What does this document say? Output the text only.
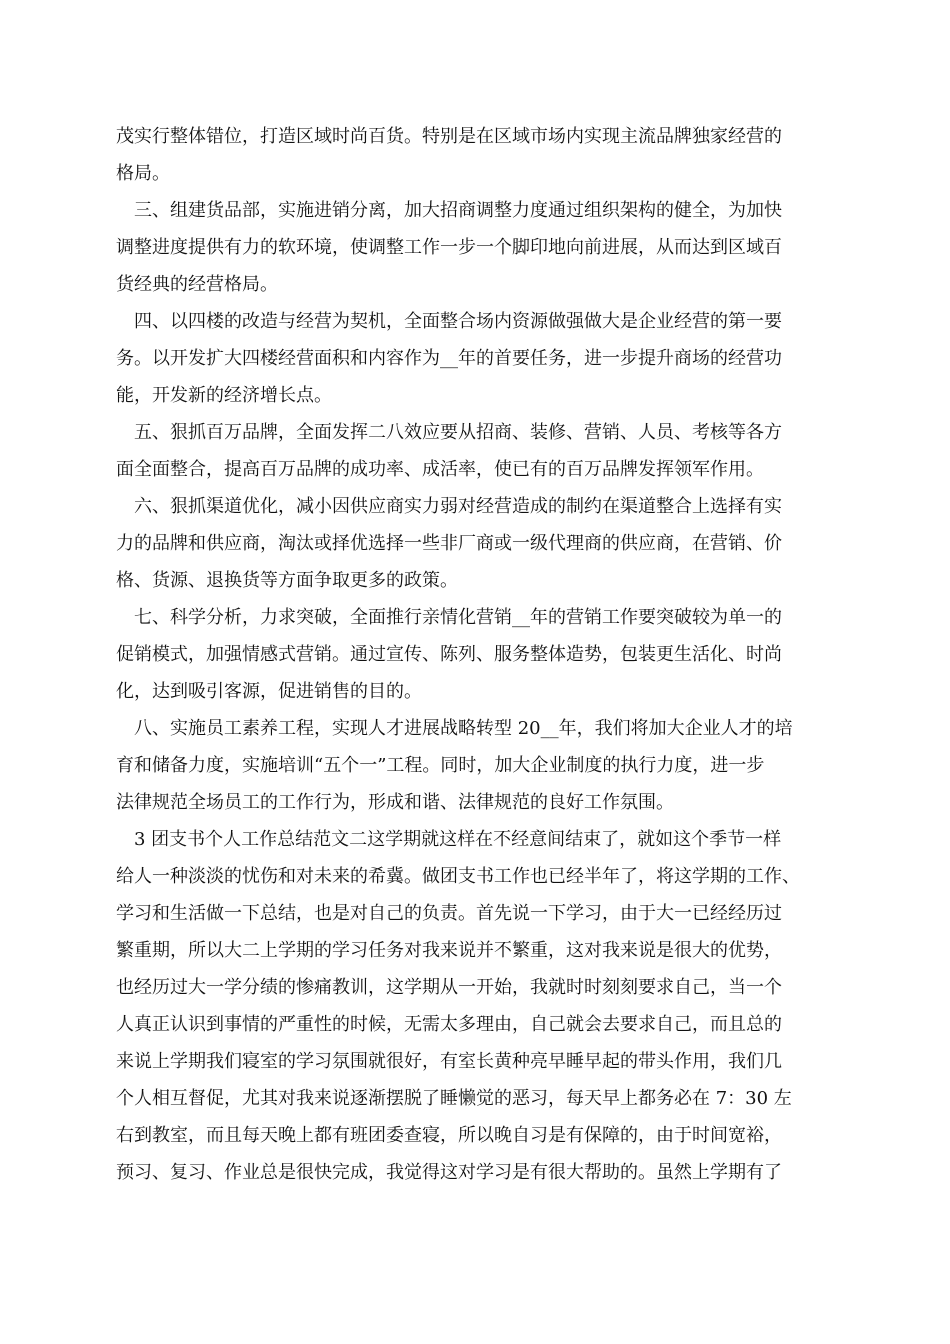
茂实行整体错位，打造区域时尚百货。特别是在区域市场内实现主流品牌独家经营的
格局。
　三、组建货品部，实施进销分离，加大招商调整力度通过组织架构的健全，为加快
调整进度提供有力的软环境，使调整工作一步一个脚印地向前进展，从而达到区域百
货经典的经营格局。
　四、以四楼的改造与经营为契机，全面整合场内资源做强做大是企业经营的第一要
务。以开发扩大四楼经营面积和内容作为__年的首要任务，进一步提升商场的经营功
能，开发新的经济增长点。
　五、狠抓百万品牌，全面发挥二八效应要从招商、装修、营销、人员、考核等各方
面全面整合，提高百万品牌的成功率、成活率，使已有的百万品牌发挥领军作用。
　六、狠抓渠道优化，减小因供应商实力弱对经营造成的制约在渠道整合上选择有实
力的品牌和供应商，淘汰或择优选择一些非厂商或一级代理商的供应商，在营销、价
格、货源、退换货等方面争取更多的政策。
　七、科学分析，力求突破，全面推行亲情化营销__年的营销工作要突破较为单一的
促销模式，加强情感式营销。通过宣传、陈列、服务整体造势，包装更生活化、时尚
化，达到吸引客源，促进销售的目的。
　八、实施员工素养工程，实现人才进展战略转型 20__年，我们将加大企业人才的培
育和储备力度，实施培训“五个一”工程。同时，加大企业制度的执行力度，进一步
法律规范全场员工的工作行为，形成和谐、法律规范的良好工作氛围。
　3 团支书个人工作总结范文二这学期就这样在不经意间结束了，就如这个季节一样
给人一种淡淡的忧伤和对未来的希冀。做团支书工作也已经半年了，将这学期的工作、
学习和生活做一下总结，也是对自己的负责。首先说一下学习，由于大一已经经历过
繁重期，所以大二上学期的学习任务对我来说并不繁重，这对我来说是很大的优势，
也经历过大一学分绩的惨痛教训，这学期从一开始，我就时时刻刻要求自己，当一个
人真正认识到事情的严重性的时候，无需太多理由，自己就会去要求自己，而且总的
来说上学期我们寝室的学习氛围就很好，有室长黄种亮早睡早起的带头作用，我们几
个人相互督促，尤其对我来说逐渐摆脱了睡懒觉的恶习，每天早上都务必在 7：30 左
右到教室，而且每天晚上都有班团委查寝，所以晚自习是有保障的，由于时间宽裕，
预习、复习、作业总是很快完成，我觉得这对学习是有很大帮助的。虽然上学期有了
